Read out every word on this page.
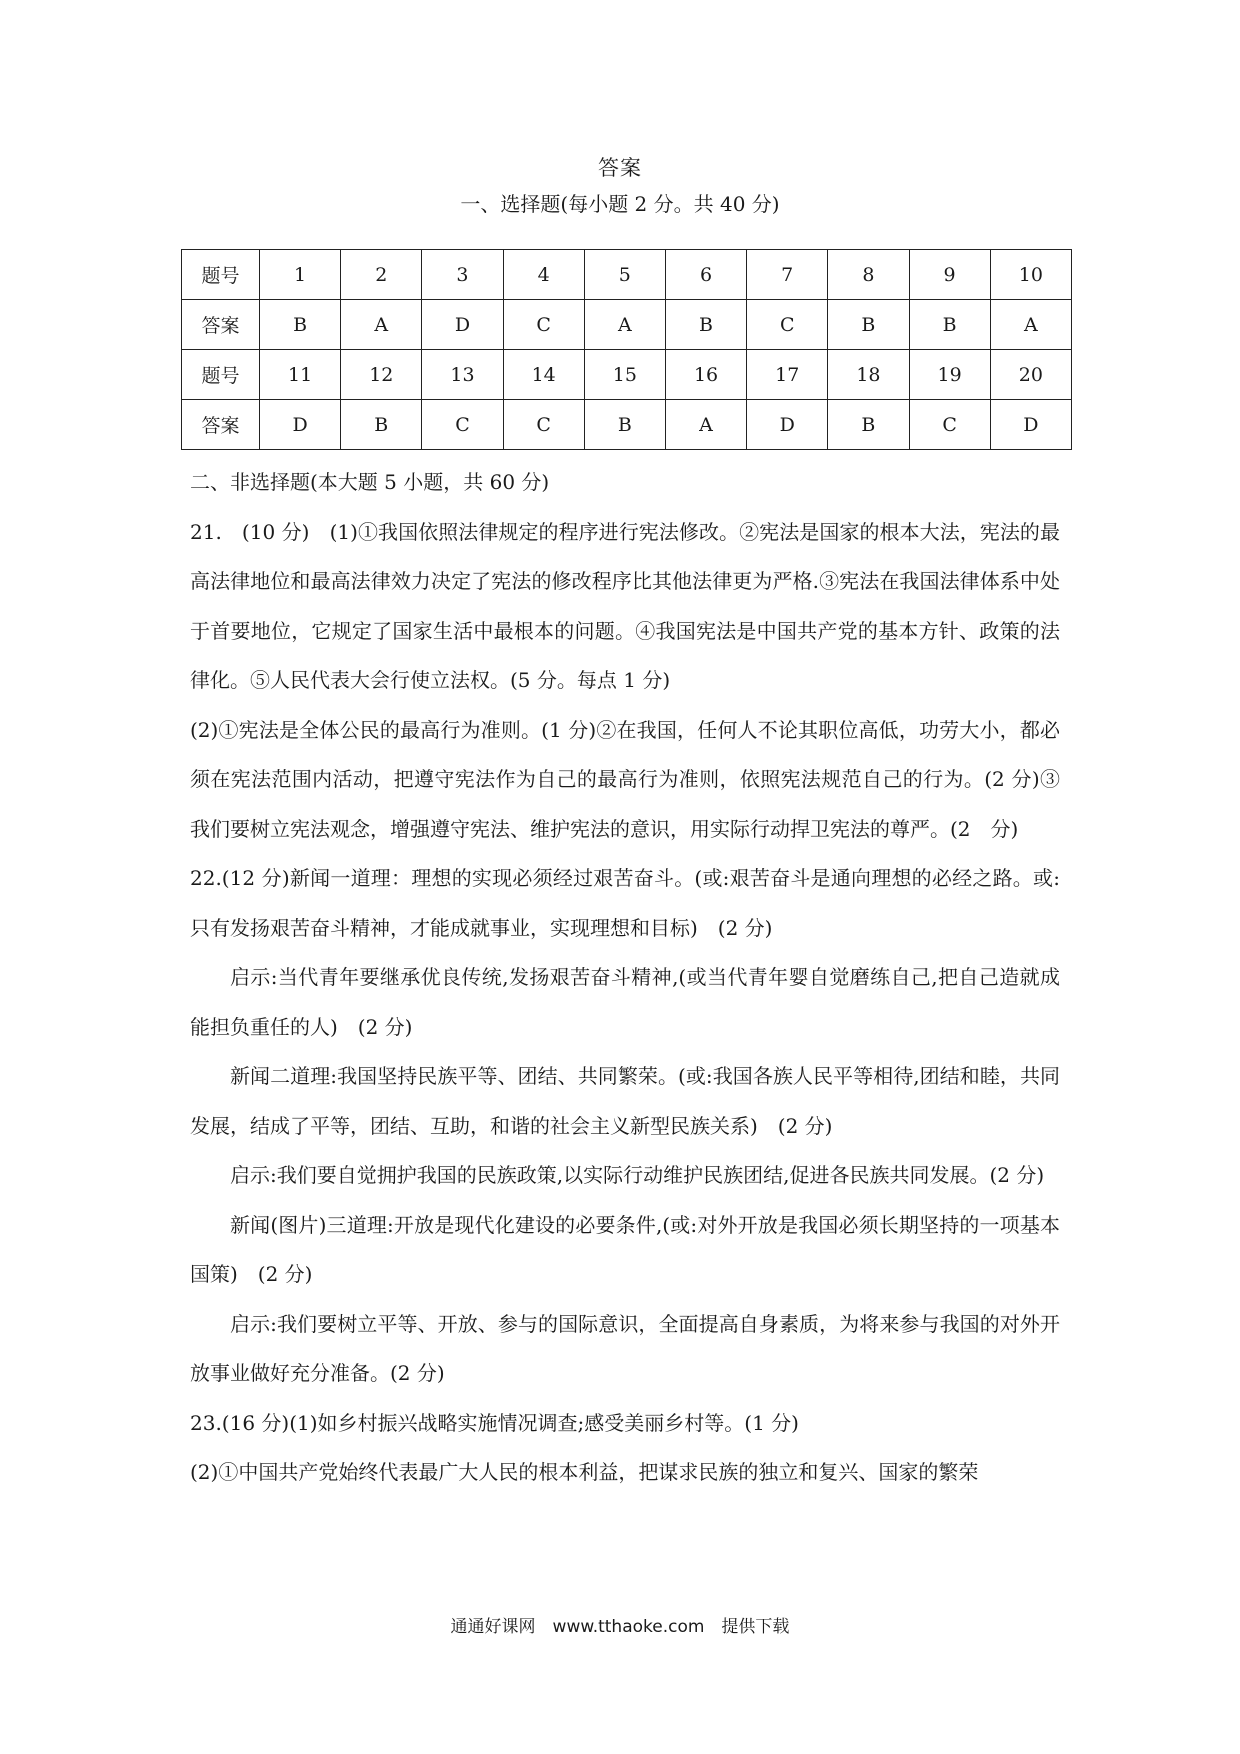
答案
一、选择题(每小题 2 分。共 40 分)
题号	1	2	3	4	5	6	7	8	9	10
答案	B	A	D	C	A	B	C	B	B	A
题号	11	12	13	14	15	16	17	18	19	20
答案	D	B	C	C	B	A	D	B	C	D

二、非选择题(本大题 5 小题，共 60 分)

21.　(10 分)　(1)①我国依照法律规定的程序进行宪法修改。②宪法是国家的根本大法，宪法的最高法律地位和最高法律效力决定了宪法的修改程序比其他法律更为严格.③宪法在我国法律体系中处于首要地位，它规定了国家生活中最根本的问题。④我国宪法是中国共产党的基本方针、政策的法律化。⑤人民代表大会行使立法权。(5 分。每点 1 分)

(2)①宪法是全体公民的最高行为准则。(1 分)②在我国，任何人不论其职位高低，功劳大小，都必须在宪法范围内活动，把遵守宪法作为自己的最高行为准则，依照宪法规范自己的行为。(2 分)③我们要树立宪法观念，增强遵守宪法、维护宪法的意识，用实际行动捍卫宪法的尊严。(2　分)

22.(12 分)新闻一道理：理想的实现必须经过艰苦奋斗。(或:艰苦奋斗是通向理想的必经之路。或:只有发扬艰苦奋斗精神，才能成就事业，实现理想和目标)　(2 分)

启示:当代青年要继承优良传统,发扬艰苦奋斗精神,(或当代青年婴自觉磨练自己,把自己造就成能担负重任的人)　(2 分)

新闻二道理:我国坚持民族平等、团结、共同繁荣。(或:我国各族人民平等相待,团结和睦，共同发展，结成了平等，团结、互助，和谐的社会主义新型民族关系)　(2 分)

启示:我们要自觉拥护我国的民族政策,以实际行动维护民族团结,促进各民族共同发展。(2 分)

新闻(图片)三道理:开放是现代化建设的必要条件,(或:对外开放是我国必须长期坚持的一项基本国策)　(2 分)

启示:我们要树立平等、开放、参与的国际意识，全面提高自身素质，为将来参与我国的对外开放事业做好充分准备。(2 分)

23.(16 分)(1)如乡村振兴战略实施情况调查;感受美丽乡村等。(1 分)

(2)①中国共产党始终代表最广大人民的根本利益，把谋求民族的独立和复兴、国家的繁荣

通通好课网　www.tthaoke.com　提供下载
